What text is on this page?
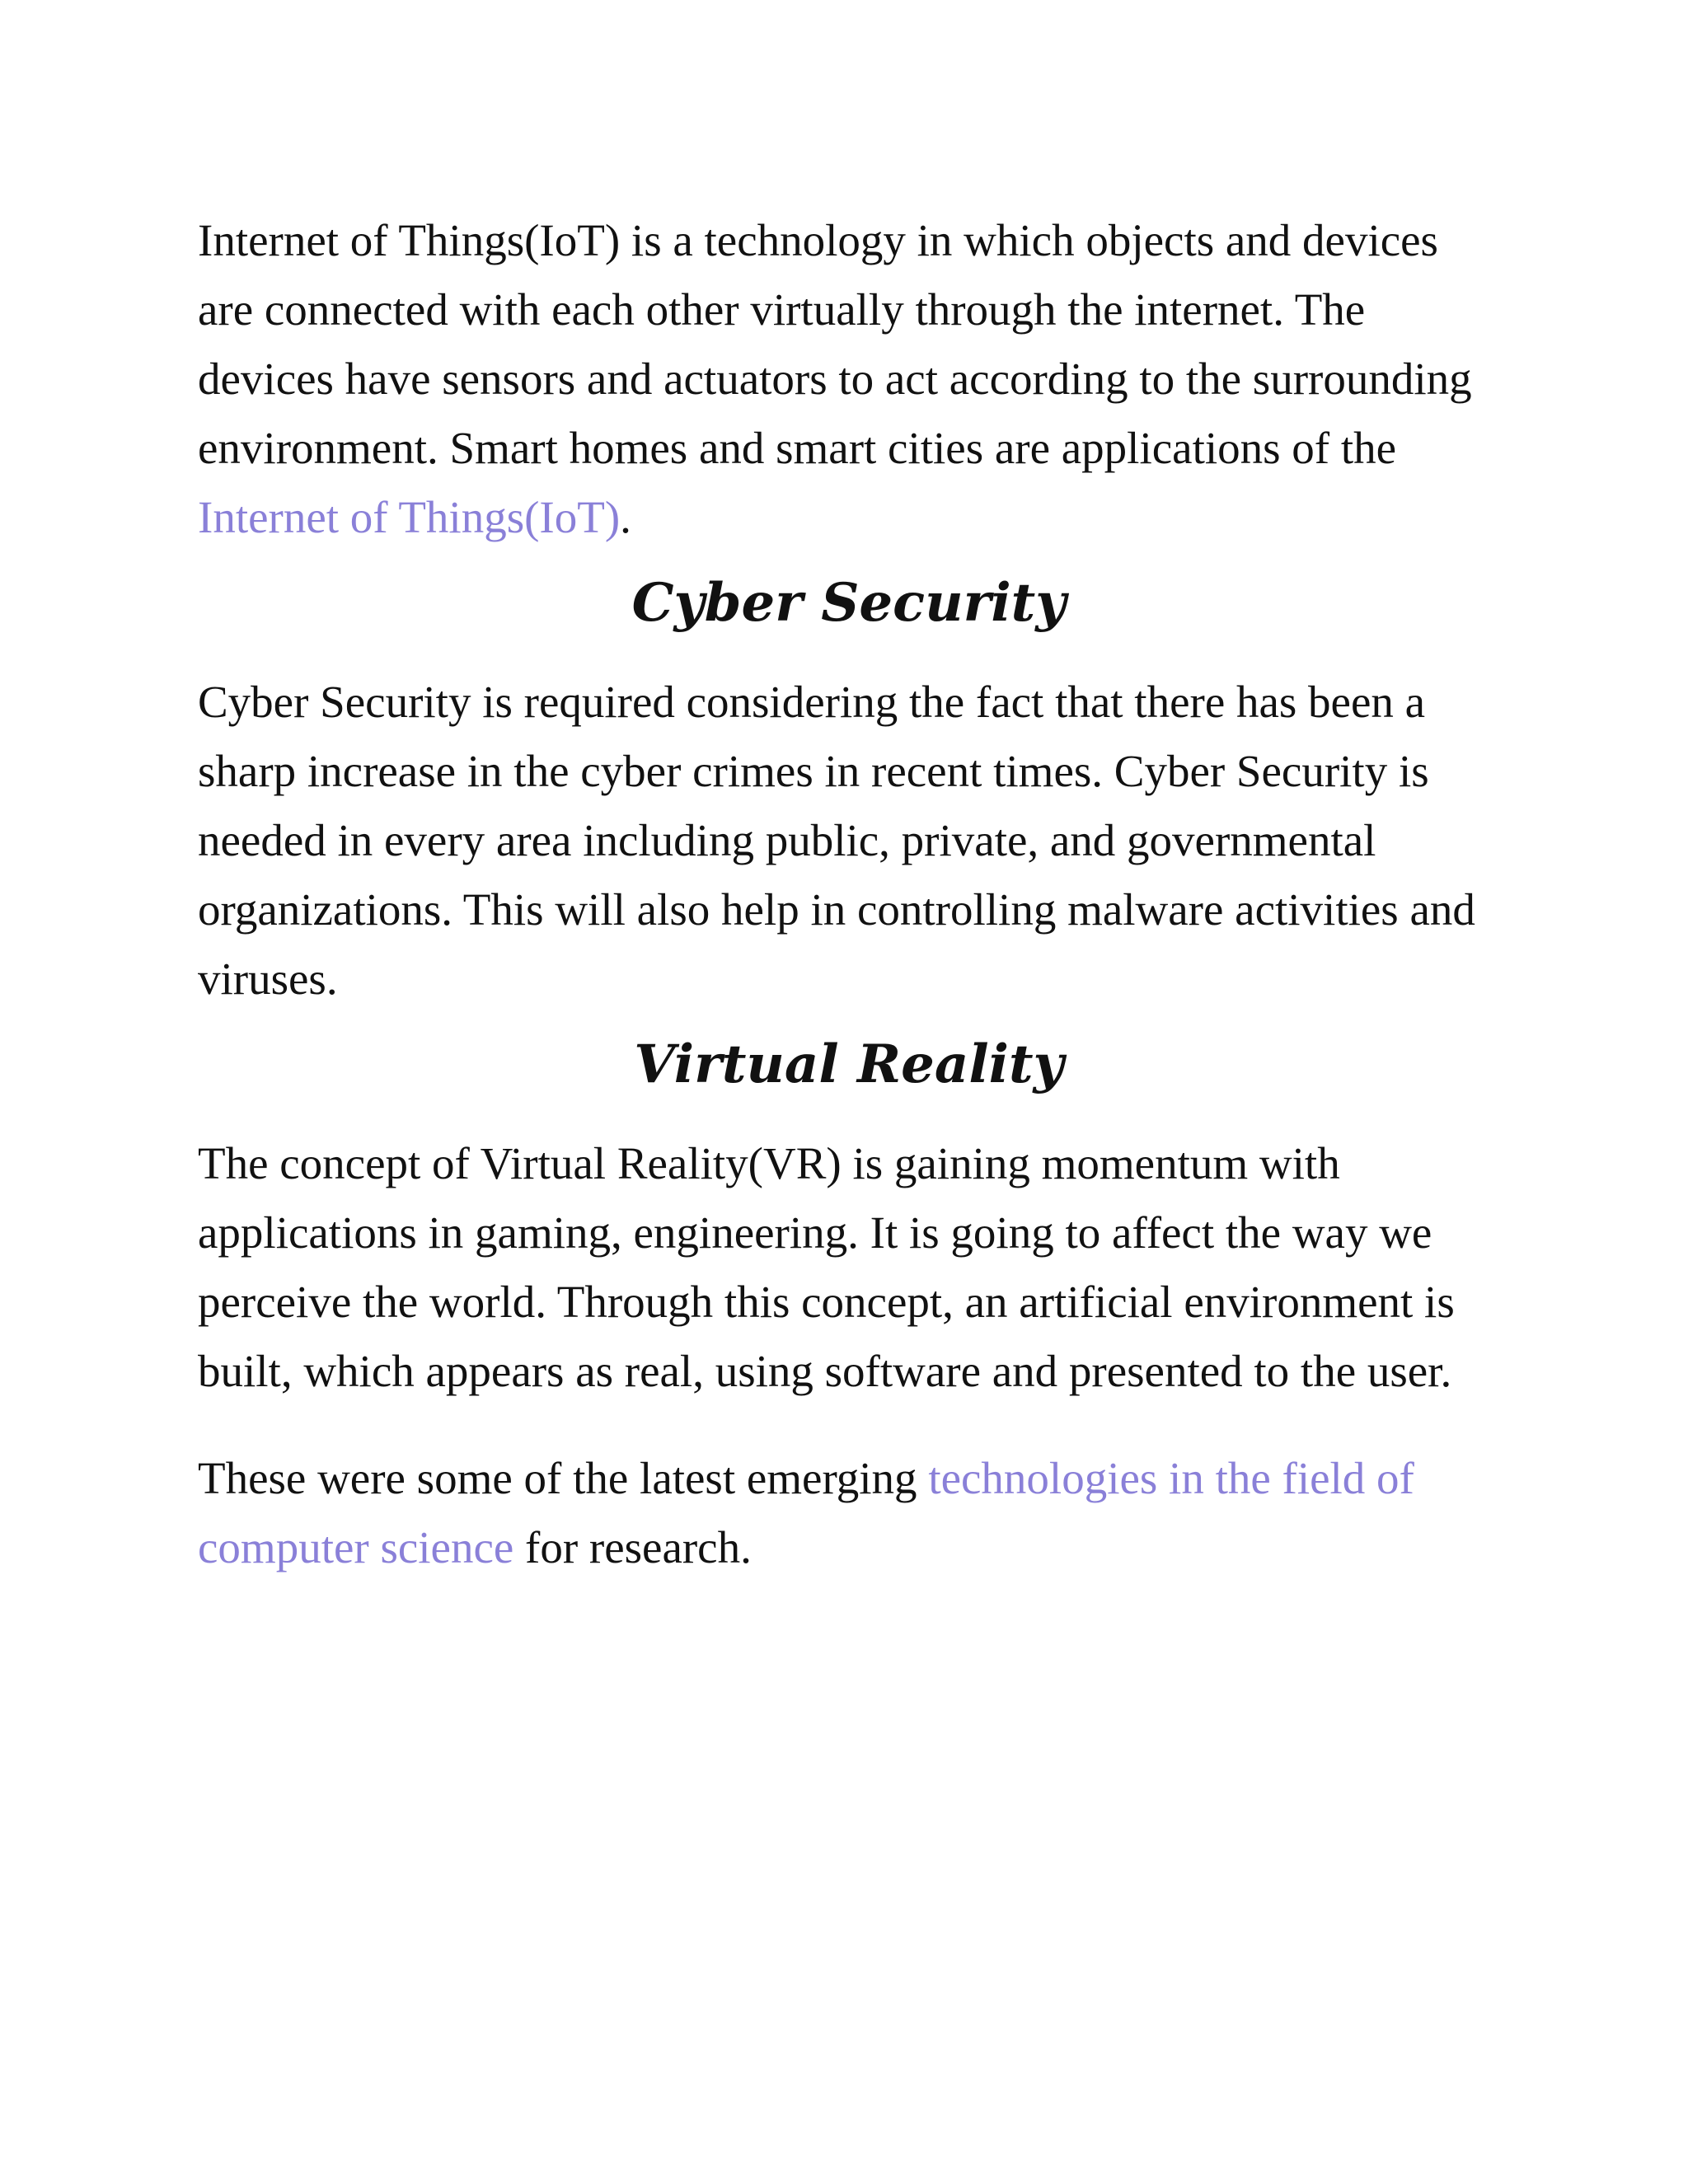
Internet of Things(IoT) is a technology in which objects and devices are connected with each other virtually through the internet. The devices have sensors and actuators to act according to the surrounding environment. Smart homes and smart cities are applications of the Internet of Things(IoT).

Cyber Security

Cyber Security is required considering the fact that there has been a sharp increase in the cyber crimes in recent times. Cyber Security is needed in every area including public, private, and governmental organizations. This will also help in controlling malware activities and viruses.

Virtual Reality

The concept of Virtual Reality(VR) is gaining momentum with applications in gaming, engineering. It is going to affect the way we perceive the world. Through this concept, an artificial environment is built, which appears as real, using software and presented to the user.

These were some of the latest emerging technologies in the field of computer science for research.
